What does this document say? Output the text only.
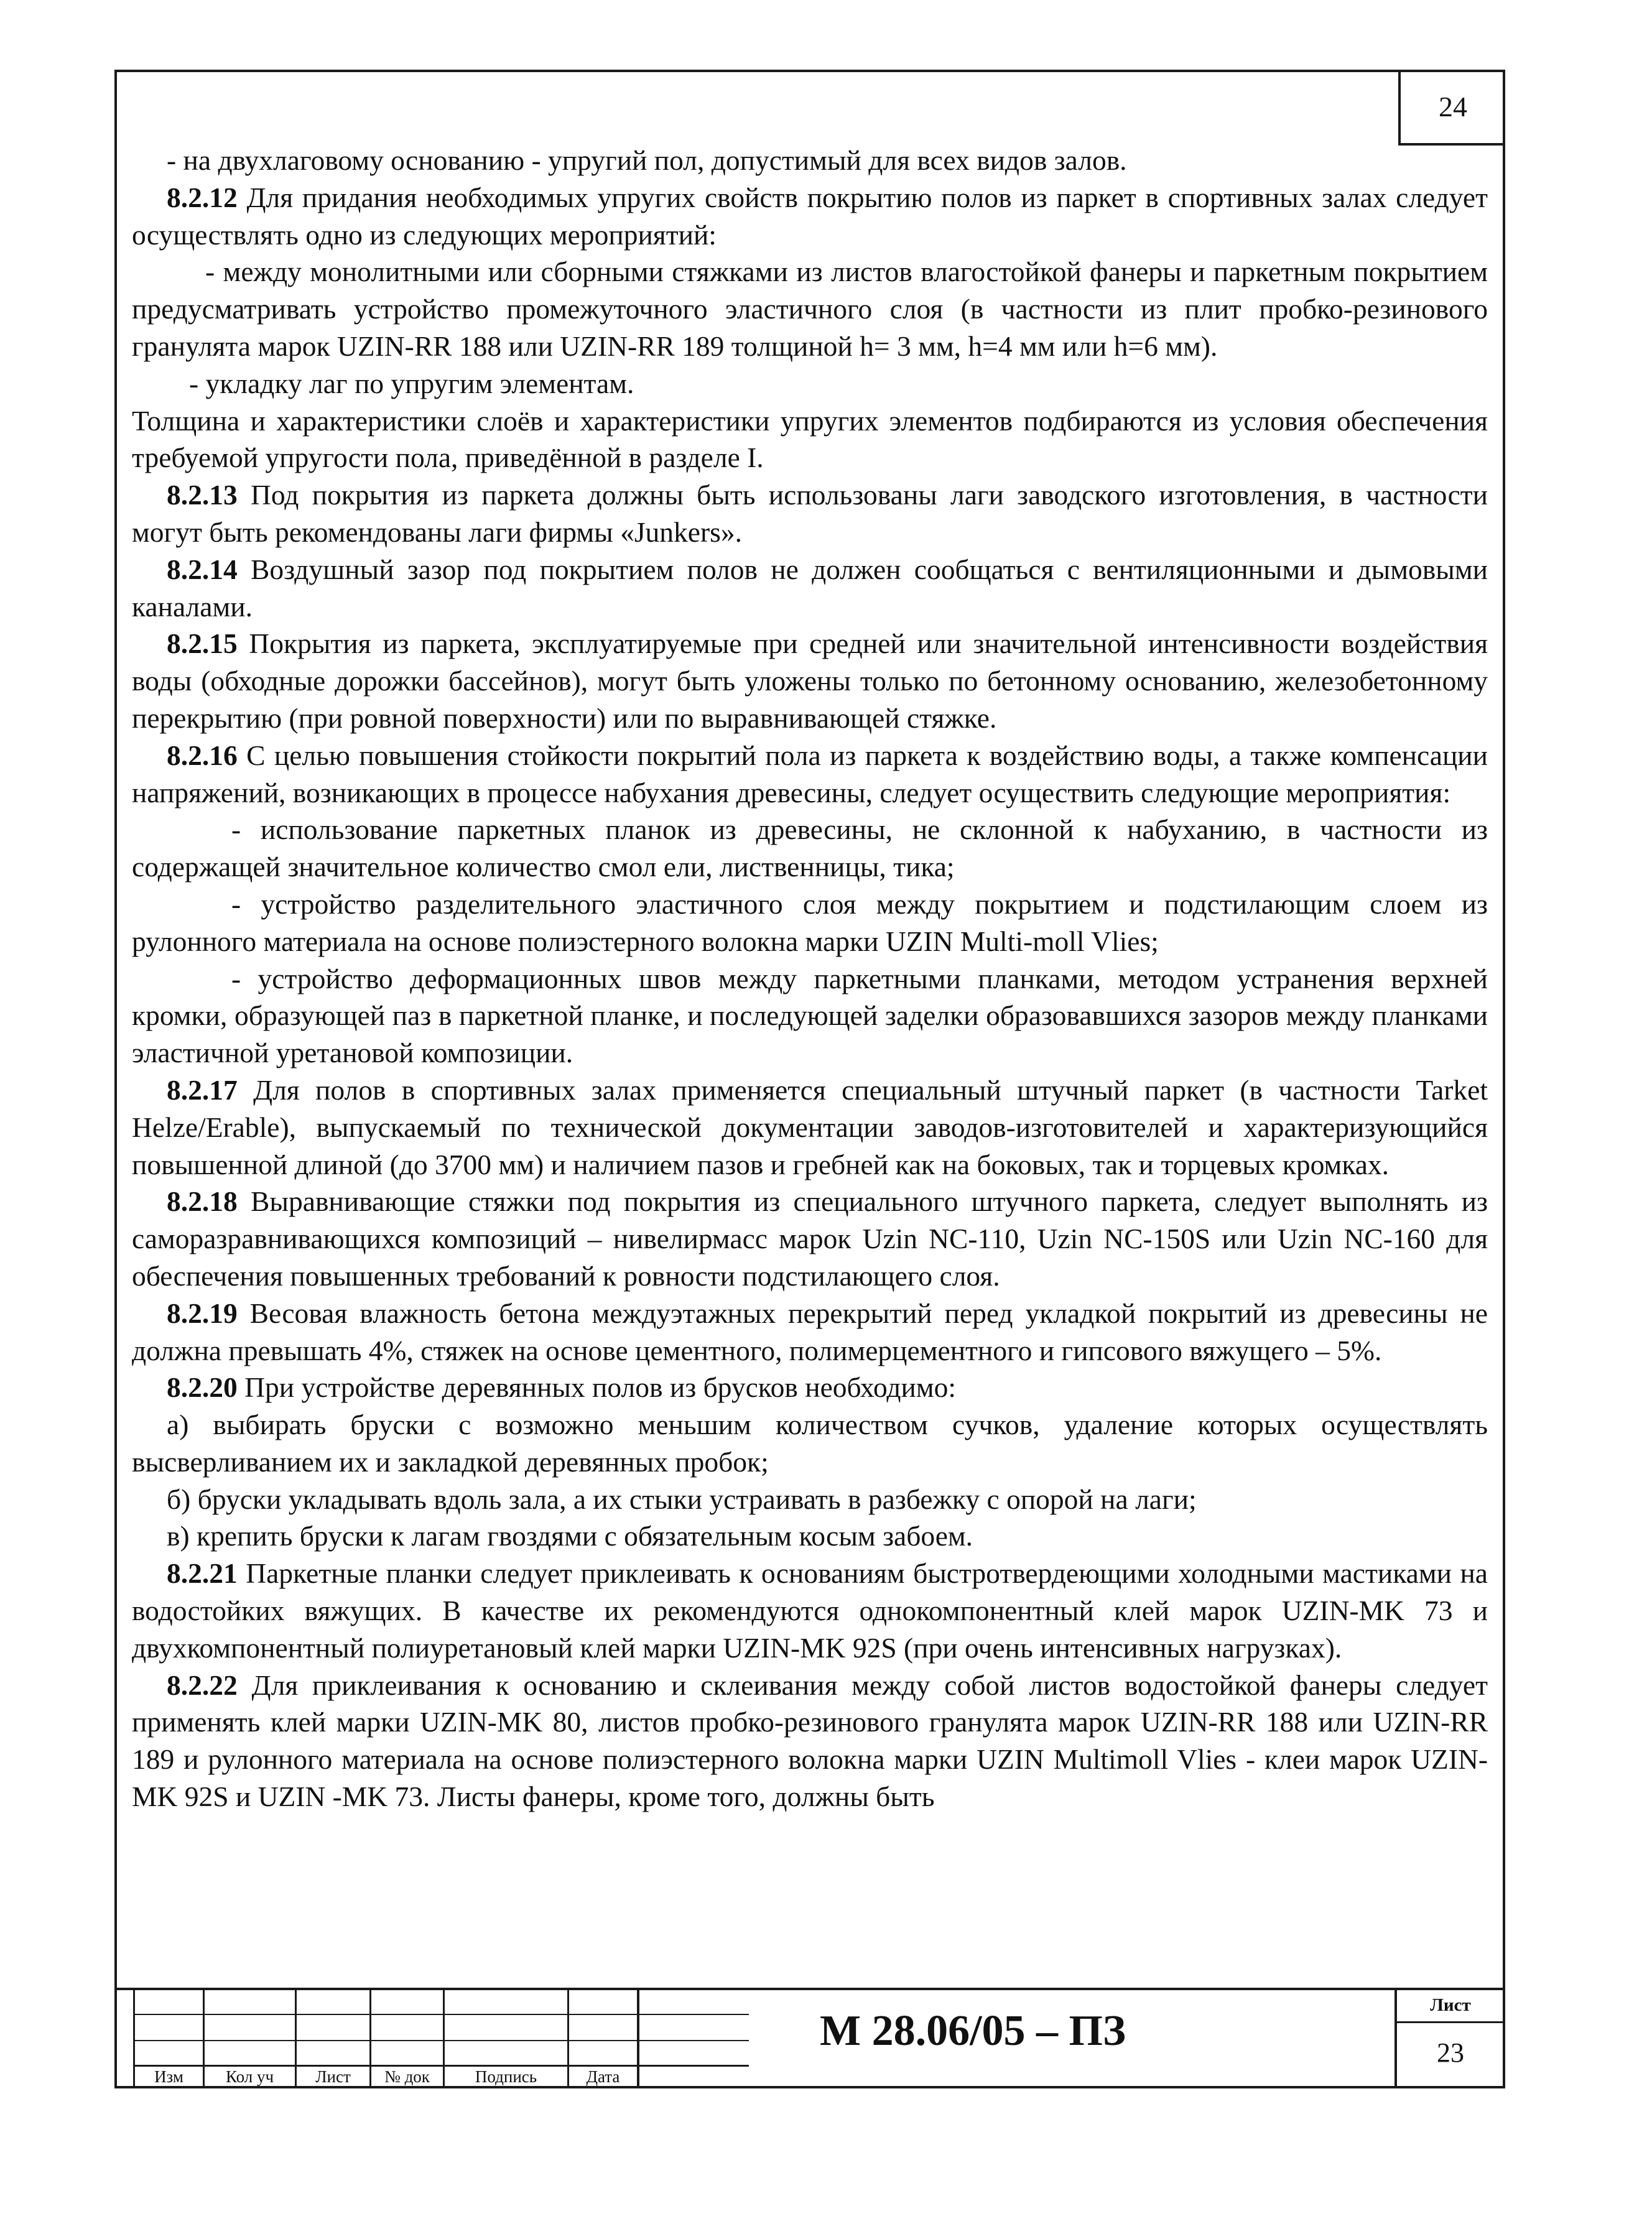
24

- на двухлаговому основанию - упругий пол, допустимый для всех видов залов.

8.2.12 Для придания необходимых упругих свойств покрытию полов из паркет в спортивных залах следует осуществлять одно из следующих мероприятий:

- между монолитными или сборными стяжками из листов влагостойкой фанеры и паркетным покрытием предусматривать устройство промежуточного эластичного слоя (в частности из плит пробко-резинового гранулята марок UZIN-RR 188 или UZIN-RR 189 толщиной h= 3 мм, h=4 мм или h=6 мм).

- укладку лаг по упругим элементам.

Толщина и характеристики слоёв и характеристики упругих элементов подбираются из условия обеспечения требуемой упругости пола, приведённой в разделе I.

8.2.13 Под покрытия из паркета должны быть использованы лаги заводского изготовления, в частности могут быть рекомендованы лаги фирмы «Junkers».

8.2.14 Воздушный зазор под покрытием полов не должен сообщаться с вентиляционными и дымовыми каналами.

8.2.15 Покрытия из паркета, эксплуатируемые при средней или значительной интенсивности воздействия воды (обходные дорожки бассейнов), могут быть уложены только по бетонному основанию, железобетонному перекрытию (при ровной поверхности) или по выравнивающей стяжке.

8.2.16 С целью повышения стойкости покрытий пола из паркета к воздействию воды, а также компенсации напряжений, возникающих в процессе набухания древесины, следует осуществить следующие мероприятия:

- использование паркетных планок из древесины, не склонной к набуханию, в частности из содержащей значительное количество смол ели, лиственницы, тика;

- устройство разделительного эластичного слоя между покрытием и подстилающим слоем из рулонного материала на основе полиэстерного волокна марки UZIN Multi-moll Vlies;

- устройство деформационных швов между паркетными планками, методом устранения верхней кромки, образующей паз в паркетной планке, и последующей заделки образовавшихся зазоров между планками эластичной уретановой композиции.

8.2.17 Для полов в спортивных залах применяется специальный штучный паркет (в частности Tarket Helze/Erable), выпускаемый по технической документации заводов-изготовителей и характеризующийся повышенной длиной (до 3700 мм) и наличием пазов и гребней как на боковых, так и торцевых кромках.

8.2.18 Выравнивающие стяжки под покрытия из специального штучного паркета, следует выполнять из саморазравнивающихся композиций – нивелирмасс марок Uzin NC-110, Uzin NC-150S или Uzin NC-160 для обеспечения повышенных требований к ровности подстилающего слоя.

8.2.19 Весовая влажность бетона междуэтажных перекрытий перед укладкой покрытий из древесины не должна превышать 4%, стяжек на основе цементного, полимерцементного и гипсового вяжущего – 5%.

8.2.20 При устройстве деревянных полов из брусков необходимо:

а) выбирать бруски с возможно меньшим количеством сучков, удаление которых осуществлять высверливанием их и закладкой деревянных пробок;

б) бруски укладывать вдоль зала, а их стыки устраивать в разбежку с опорой на лаги;

в) крепить бруски к лагам гвоздями с обязательным косым забоем.

8.2.21 Паркетные планки следует приклеивать к основаниям быстротвердеющими холодными мастиками на водостойких вяжущих. В качестве их рекомендуются однокомпонентный клей марок UZIN-MK 73 и двухкомпонентный полиуретановый клей марки UZIN-MK 92S (при очень интенсивных нагрузках).

8.2.22 Для приклеивания к основанию и склеивания между собой листов водостойкой фанеры следует применять клей марки UZIN-MK 80, листов пробко-резинового гранулята марок UZIN-RR 188 или UZIN-RR 189 и рулонного материала на основе полиэстерного волокна марки UZIN Multimoll Vlies - клеи марок UZIN-MK 92S и UZIN -MK 73. Листы фанеры, кроме того, должны быть

Изм	Кол уч	Лист	№ док	Подпись	Дата
М 28.06/05 – ПЗ
Лист
23
